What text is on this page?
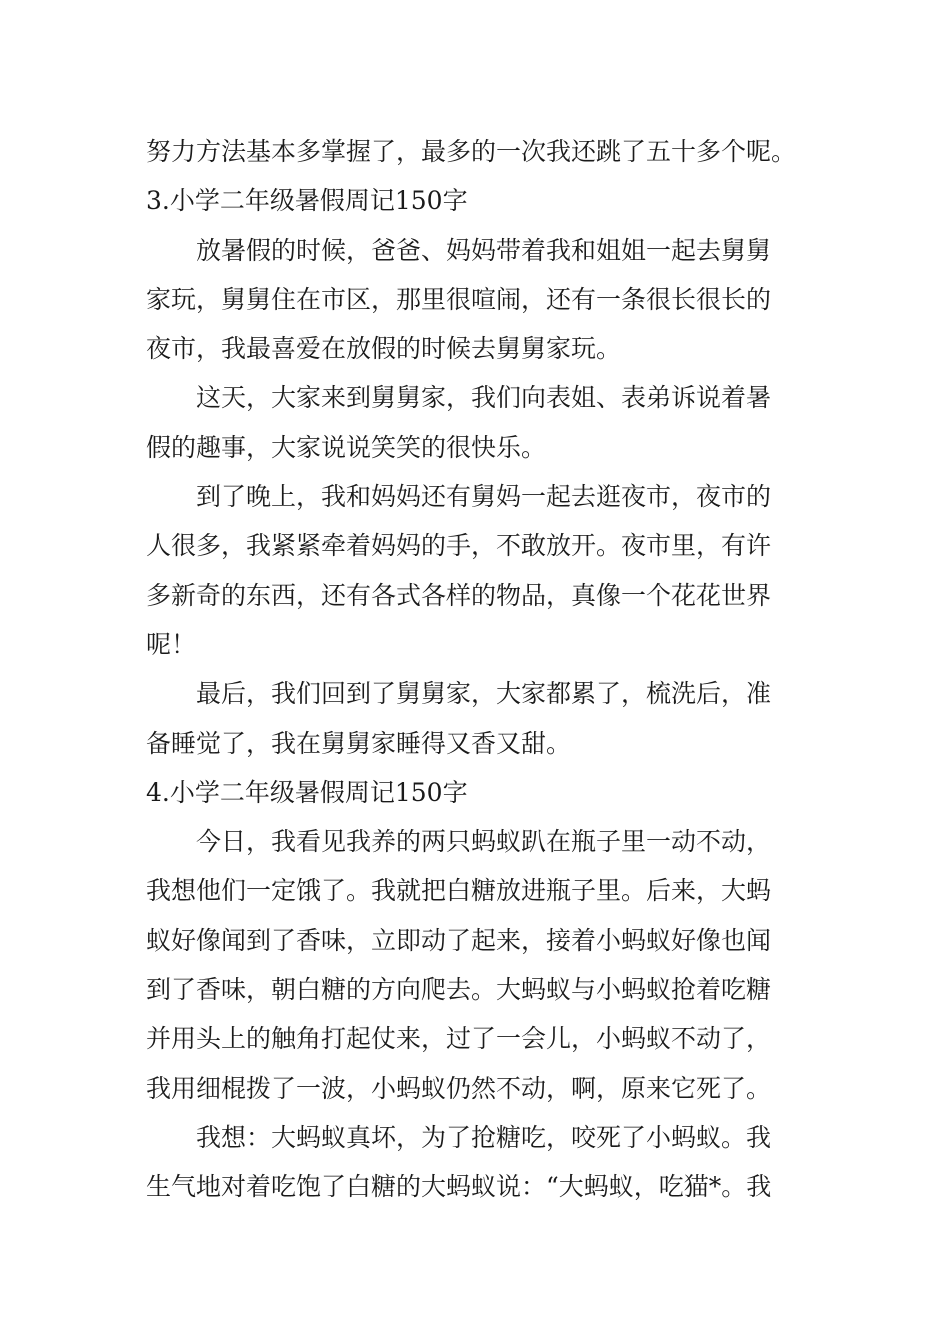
努力方法基本多掌握了，最多的一次我还跳了五十多个呢。
3.小学二年级暑假周记150字
放暑假的时候，爸爸、妈妈带着我和姐姐一起去舅舅
家玩，舅舅住在市区，那里很喧闹，还有一条很长很长的
夜市，我最喜爱在放假的时候去舅舅家玩。
这天，大家来到舅舅家，我们向表姐、表弟诉说着暑
假的趣事，大家说说笑笑的很快乐。
到了晚上，我和妈妈还有舅妈一起去逛夜市，夜市的
人很多，我紧紧牵着妈妈的手，不敢放开。夜市里，有许
多新奇的东西，还有各式各样的物品，真像一个花花世界
呢！
最后，我们回到了舅舅家，大家都累了，梳洗后，准
备睡觉了，我在舅舅家睡得又香又甜。
4.小学二年级暑假周记150字
今日，我看见我养的两只蚂蚁趴在瓶子里一动不动，
我想他们一定饿了。我就把白糖放进瓶子里。后来，大蚂
蚁好像闻到了香味，立即动了起来，接着小蚂蚁好像也闻
到了香味，朝白糖的方向爬去。大蚂蚁与小蚂蚁抢着吃糖
并用头上的触角打起仗来，过了一会儿，小蚂蚁不动了，
我用细棍拨了一波，小蚂蚁仍然不动，啊，原来它死了。
我想：大蚂蚁真坏，为了抢糖吃，咬死了小蚂蚁。我
生气地对着吃饱了白糖的大蚂蚁说：“大蚂蚁，吃猫*。我
